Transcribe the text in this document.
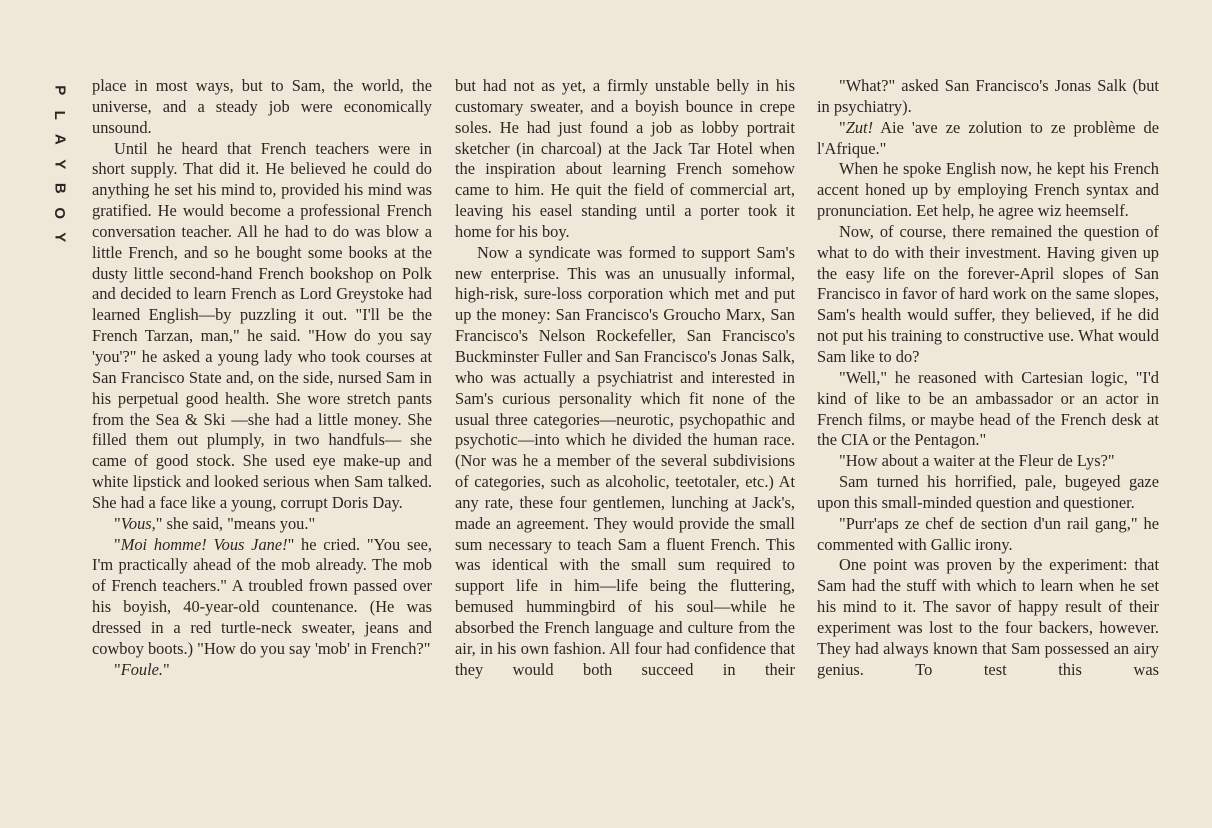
P
L
A
Y
B
O
Y

place in most ways, but to Sam, the world, the universe, and a steady job were economically unsound.

Until he heard that French teachers were in short supply. That did it. He believed he could do anything he set his mind to, provided his mind was gratified. He would become a professional French conversation teacher. All he had to do was blow a little French, and so he bought some books at the dusty little second-hand French bookshop on Polk and decided to learn French as Lord Greystoke had learned English—by puzzling it out. "I'll be the French Tarzan, man," he said. "How do you say 'you'?" he asked a young lady who took courses at San Francisco State and, on the side, nursed Sam in his perpetual good health. She wore stretch pants from the Sea & Ski —she had a little money. She filled them out plumply, in two handfuls— she came of good stock. She used eye make-up and white lipstick and looked serious when Sam talked. She had a face like a young, corrupt Doris Day.

"Vous," she said, "means you."

"Moi homme! Vous Jane!" he cried. "You see, I'm practically ahead of the mob already. The mob of French teachers." A troubled frown passed over his boyish, 40-year-old countenance. (He was dressed in a red turtle-neck sweater, jeans and cowboy boots.) "How do you say 'mob' in French?"

"Foule."

but had not as yet, a firmly unstable belly in his customary sweater, and a boyish bounce in crepe soles. He had just found a job as lobby portrait sketcher (in charcoal) at the Jack Tar Hotel when the inspiration about learning French somehow came to him. He quit the field of commercial art, leaving his easel standing until a porter took it home for his boy.

Now a syndicate was formed to support Sam's new enterprise. This was an unusually informal, high-risk, sure-loss corporation which met and put up the money: San Francisco's Groucho Marx, San Francisco's Nelson Rockefeller, San Francisco's Buckminster Fuller and San Francisco's Jonas Salk, who was actually a psychiatrist and interested in Sam's curious personality which fit none of the usual three categories—neurotic, psychopathic and psychotic—into which he divided the human race. (Nor was he a member of the several subdivisions of categories, such as alcoholic, teetotaler, etc.) At any rate, these four gentlemen, lunching at Jack's, made an agreement. They would provide the small sum necessary to teach Sam a fluent French. This was identical with the small sum required to support life in him—life being the fluttering, bemused hummingbird of his soul—while he absorbed the French language and culture from the air, in his own fashion. All four had confidence that they would both succeed in their

"What?" asked San Francisco's Jonas Salk (but in psychiatry).

"Zut! Aie 'ave ze zolution to ze problème de l'Afrique."

When he spoke English now, he kept his French accent honed up by employing French syntax and pronunciation. Eet help, he agree wiz heemself.

Now, of course, there remained the question of what to do with their investment. Having given up the easy life on the forever-April slopes of San Francisco in favor of hard work on the same slopes, Sam's health would suffer, they believed, if he did not put his training to constructive use. What would Sam like to do?

"Well," he reasoned with Cartesian logic, "I'd kind of like to be an ambassador or an actor in French films, or maybe head of the French desk at the CIA or the Pentagon."

"How about a waiter at the Fleur de Lys?"

Sam turned his horrified, pale, bugeyed gaze upon this small-minded question and questioner.

"Purr'aps ze chef de section d'un rail gang," he commented with Gallic irony.

One point was proven by the experiment: that Sam had the stuff with which to learn when he set his mind to it. The savor of happy result of their experiment was lost to the four backers, however. They had always known that Sam possessed an airy genius. To test this was
